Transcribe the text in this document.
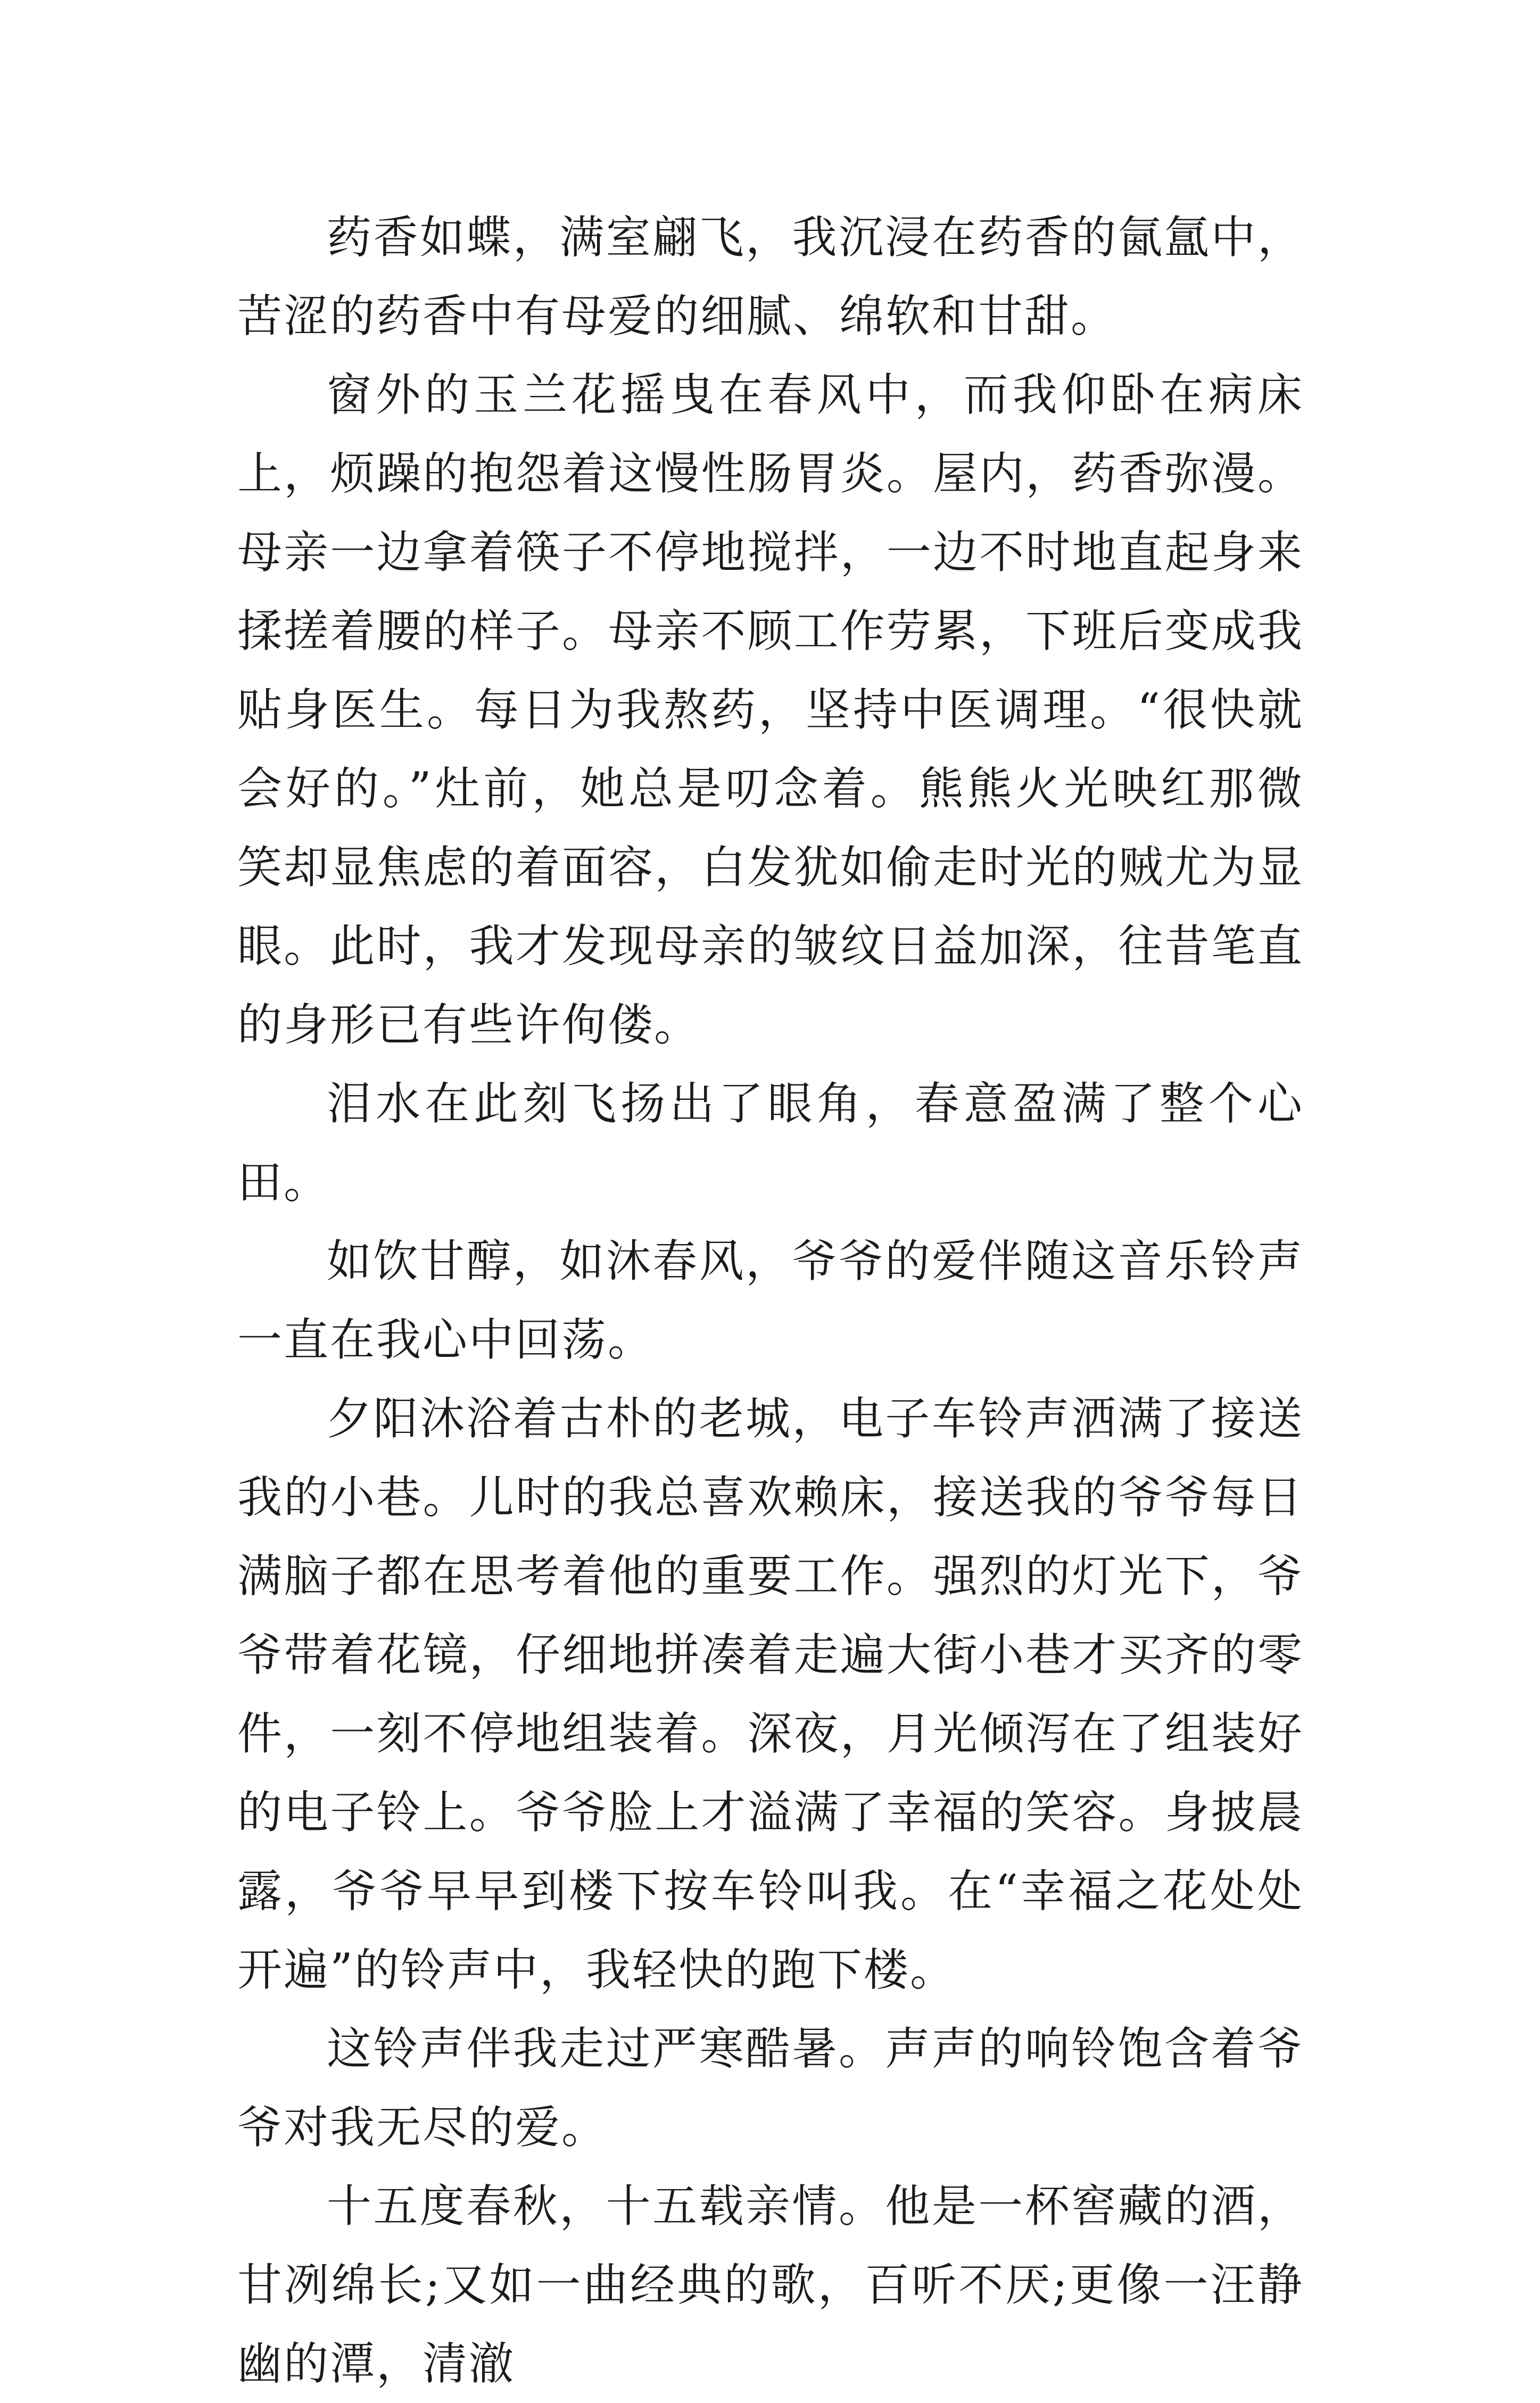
药香如蝶，满室翩飞，我沉浸在药香的氤氲中，苦涩的药香中有母爱的细腻、绵软和甘甜。

窗外的玉兰花摇曳在春风中，而我仰卧在病床上，烦躁的抱怨着这慢性肠胃炎。屋内，药香弥漫。母亲一边拿着筷子不停地搅拌，一边不时地直起身来揉搓着腰的样子。母亲不顾工作劳累，下班后变成我贴身医生。每日为我熬药，坚持中医调理。“很快就会好的。”灶前，她总是叨念着。熊熊火光映红那微笑却显焦虑的着面容，白发犹如偷走时光的贼尤为显眼。此时，我才发现母亲的皱纹日益加深，往昔笔直的身形已有些许佝偻。

泪水在此刻飞扬出了眼角，春意盈满了整个心田。

如饮甘醇，如沐春风，爷爷的爱伴随这音乐铃声一直在我心中回荡。

夕阳沐浴着古朴的老城，电子车铃声洒满了接送我的小巷。儿时的我总喜欢赖床，接送我的爷爷每日满脑子都在思考着他的重要工作。强烈的灯光下，爷爷带着花镜，仔细地拼凑着走遍大街小巷才买齐的零件，一刻不停地组装着。深夜，月光倾泻在了组装好的电子铃上。爷爷脸上才溢满了幸福的笑容。身披晨露，爷爷早早到楼下按车铃叫我。在“幸福之花处处开遍”的铃声中，我轻快的跑下楼。

这铃声伴我走过严寒酷暑。声声的响铃饱含着爷爷对我无尽的爱。

十五度春秋，十五载亲情。他是一杯窖藏的酒，甘冽绵长;又如一曲经典的歌，百听不厌;更像一汪静幽的潭，清澈
